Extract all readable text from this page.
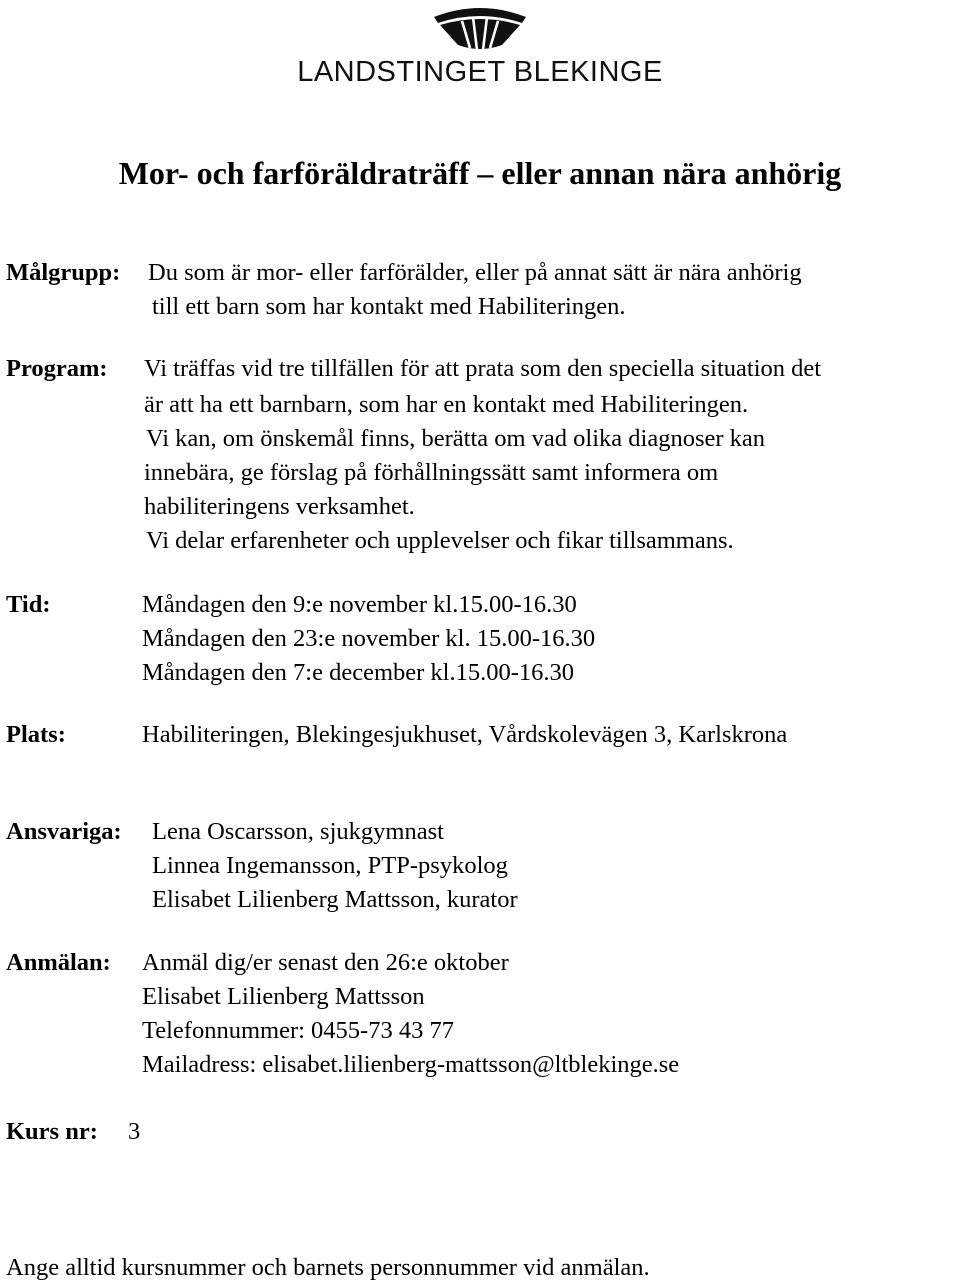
LANDSTINGET BLEKINGE
Mor- och farföräldraträff – eller annan nära anhörig
Målgrupp: Du som är mor- eller farförälder, eller på annat sätt är nära anhörig
till ett barn som har kontakt med Habiliteringen.
Program: Vi träffas vid tre tillfällen för att prata som den speciella situation det
är att ha ett barnbarn, som har en kontakt med Habiliteringen.
Vi kan, om önskemål finns, berätta om vad olika diagnoser kan
innebära, ge förslag på förhållningssätt samt informera om
habiliteringens verksamhet.
Vi delar erfarenheter och upplevelser och fikar tillsammans.
Tid:	Måndagen den 9:e november kl.15.00-16.30
Måndagen den 23:e november kl. 15.00-16.30
Måndagen den 7:e december kl.15.00-16.30
Plats:	Habiliteringen, Blekingesjukhuset, Vårdskolevägen 3, Karlskrona
Ansvariga: Lena Oscarsson, sjukgymnast
Linnea Ingemansson, PTP-psykolog
Elisabet Lilienberg Mattsson, kurator
Anmälan: Anmäl dig/er senast den 26:e oktober
Elisabet Lilienberg Mattsson
Telefonnummer: 0455-73 43 77
Mailadress: elisabet.lilienberg-mattsson@ltblekinge.se
Kurs nr: 3
Ange alltid kursnummer och barnets personnummer vid anmälan.
